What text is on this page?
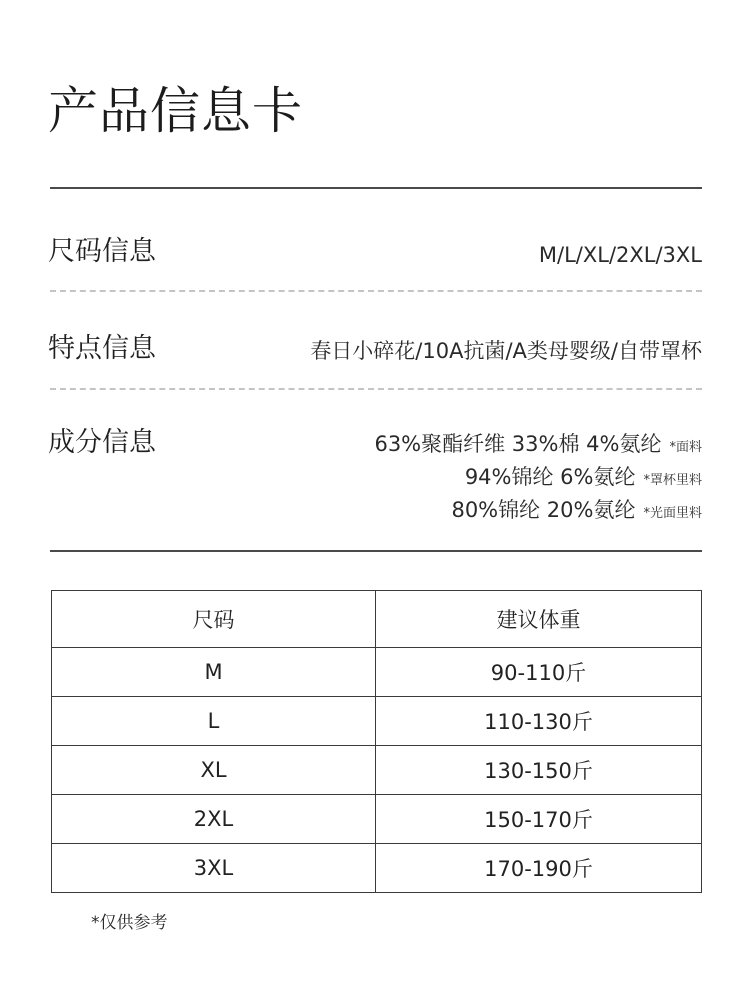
产品信息卡
尺码信息	M/L/XL/2XL/3XL
特点信息	春日小碎花/10A抗菌/A类母婴级/自带罩杯
成分信息	63%聚酯纤维 33%棉 4%氨纶 *面料
94%锦纶 6%氨纶 *罩杯里料
80%锦纶 20%氨纶 *光面里料
尺码	建议体重
M	90-110斤
L	110-130斤
XL	130-150斤
2XL	150-170斤
3XL	170-190斤
*仅供参考
